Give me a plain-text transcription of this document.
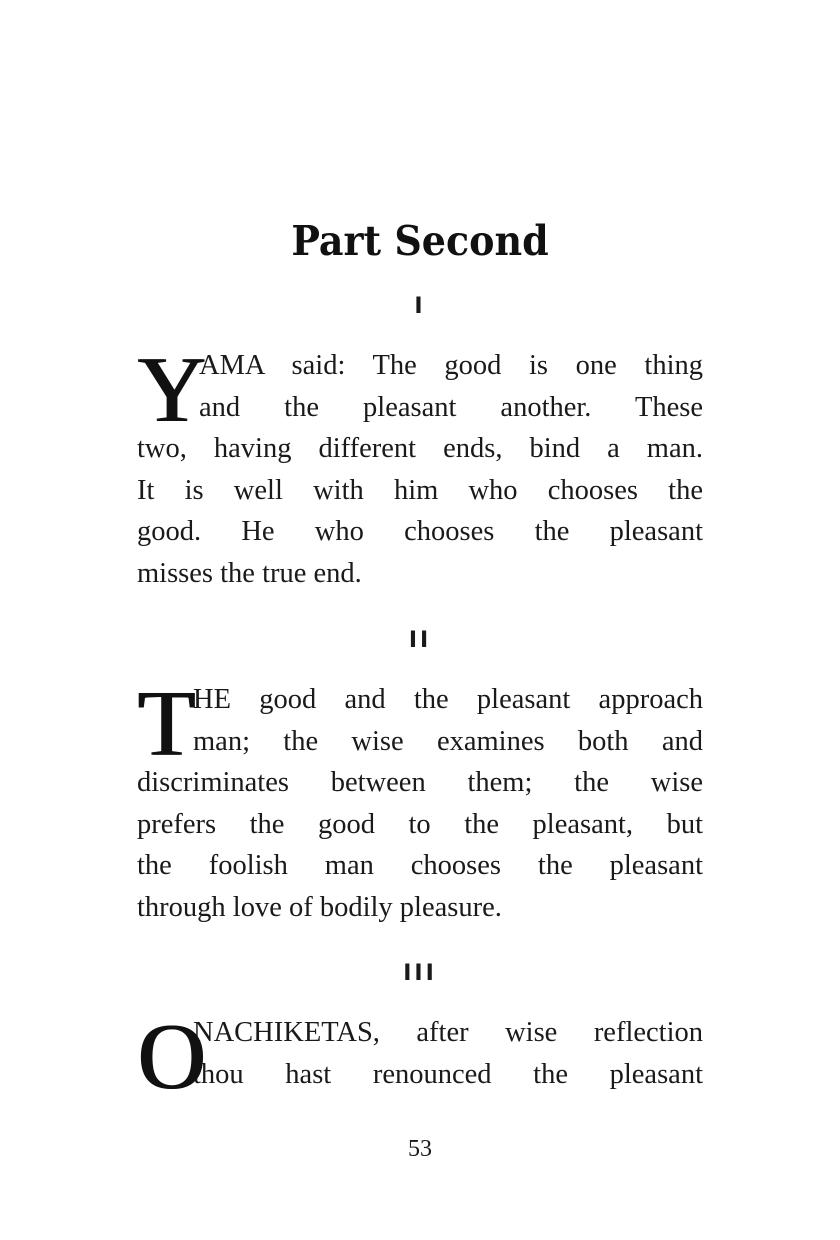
Part Second
I
Y
AMA said: The good is one thing
and the pleasant another. These
two, having different ends, bind a man.
It is well with him who chooses the
good. He who chooses the pleasant
misses the true end.
II
T
HE good and the pleasant approach
man; the wise examines both and
discriminates between them; the wise
prefers the good to the pleasant, but
the foolish man chooses the pleasant
through love of bodily pleasure.
III
O
NACHIKETAS, after wise reflection
thou hast renounced the pleasant
53
